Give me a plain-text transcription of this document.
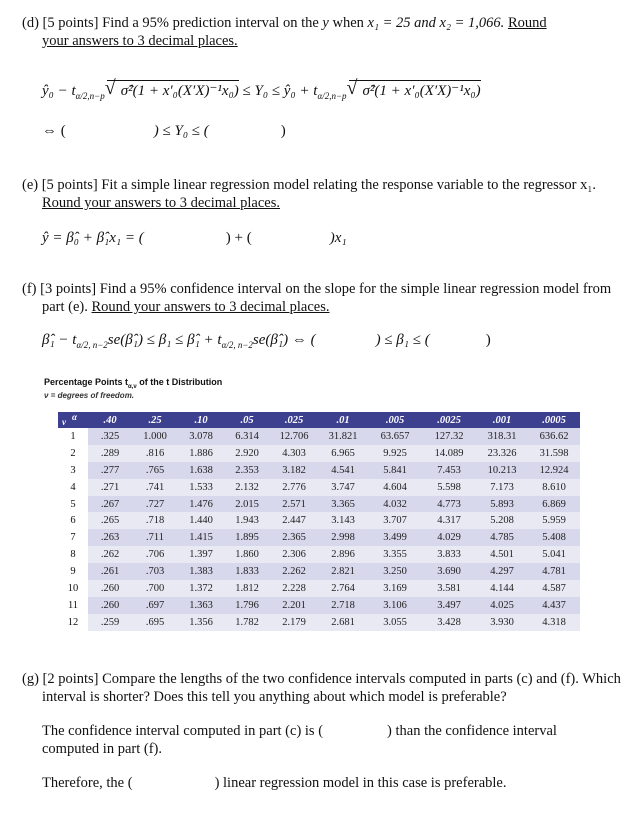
(d) [5 points] Find a 95% prediction interval on the y when x₁ = 25 and x₂ = 1,066. Round
your answers to 3 decimal places.
ŷ₀ − $t_{\alpha/2,n-p}$ √ σ̂²(1 + x′₀(X′X)⁻¹x₀) ≤ Y₀ ≤ ŷ₀ + $t_{\alpha/2,n-p}$ √ σ̂²(1 + x′₀(X′X)⁻¹x₀)
⇔ (	) ≤ Y₀ ≤ (	)
(e) [5 points] Fit a simple linear regression model relating the response variable to the regressor x₁. Round your answers to 3 decimal places.
ŷ = β̂₀ + β̂₁x₁ = (	) + (	)x₁
(f) [3 points] Find a 95% confidence interval on the slope for the simple linear regression model from part (e). Round your answers to 3 decimal places.
β̂₁ − $t_{\alpha/2, n-2}se(\betâ_1) \le \beta_1$ ≤ β̂₁ + $t_{\alpha/2, n-2}se(\betâ_1)$ ⇔ (	) ≤ β₁ ≤ (	)
Percentage Points $t_{\alpha,\nu}$ of the t Distribution
ν = degrees of freedom.
α
ν	.40	.25	.10	.05	.025	.01	.005	.0025	.001	.0005
1	.325	1.000	3.078	6.314	12.706	31.821	63.657	127.32	318.31	636.62
2	.289	.816	1.886	2.920	4.303	6.965	9.925	14.089	23.326	31.598
3	.277	.765	1.638	2.353	3.182	4.541	5.841	7.453	10.213	12.924
4	.271	.741	1.533	2.132	2.776	3.747	4.604	5.598	7.173	8.610
5	.267	.727	1.476	2.015	2.571	3.365	4.032	4.773	5.893	6.869
6	.265	.718	1.440	1.943	2.447	3.143	3.707	4.317	5.208	5.959
7	.263	.711	1.415	1.895	2.365	2.998	3.499	4.029	4.785	5.408
8	.262	.706	1.397	1.860	2.306	2.896	3.355	3.833	4.501	5.041
9	.261	.703	1.383	1.833	2.262	2.821	3.250	3.690	4.297	4.781
10	.260	.700	1.372	1.812	2.228	2.764	3.169	3.581	4.144	4.587
11	.260	.697	1.363	1.796	2.201	2.718	3.106	3.497	4.025	4.437
12	.259	.695	1.356	1.782	2.179	2.681	3.055	3.428	3.930	4.318
(g) [2 points] Compare the lengths of the two confidence intervals computed in parts (c) and (f). Which interval is shorter? Does this tell you anything about which model is preferable?
The confidence interval computed in part (c) is (	) than the confidence interval
computed in part (f).
Therefore, the (	) linear regression model in this case is preferable.
